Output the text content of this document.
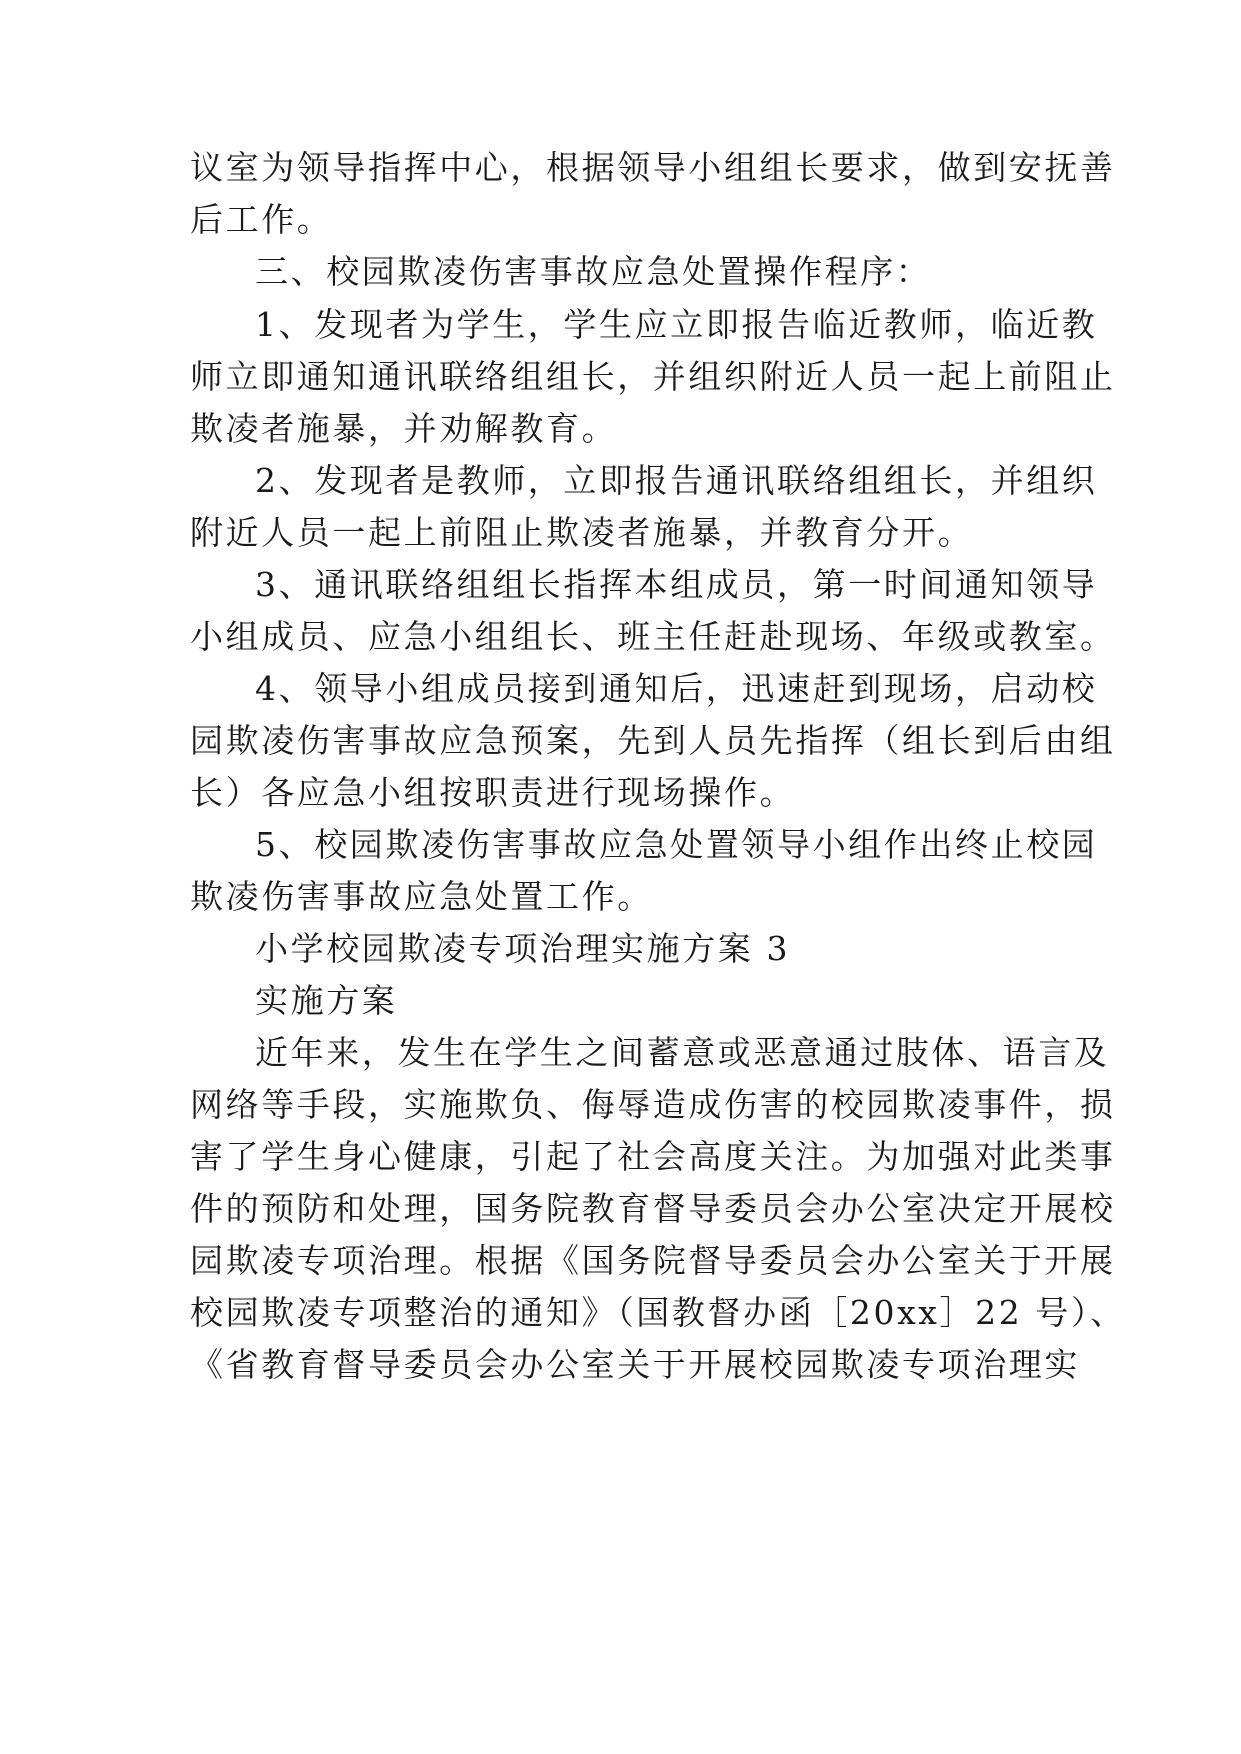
议室为领导指挥中心，根据领导小组组长要求，做到安抚善
后工作。
三、校园欺凌伤害事故应急处置操作程序：
1、发现者为学生，学生应立即报告临近教师，临近教
师立即通知通讯联络组组长，并组织附近人员一起上前阻止
欺凌者施暴，并劝解教育。
2、发现者是教师，立即报告通讯联络组组长，并组织
附近人员一起上前阻止欺凌者施暴，并教育分开。
3、通讯联络组组长指挥本组成员，第一时间通知领导
小组成员、应急小组组长、班主任赶赴现场、年级或教室。
4、领导小组成员接到通知后，迅速赶到现场，启动校
园欺凌伤害事故应急预案，先到人员先指挥（组长到后由组
长）各应急小组按职责进行现场操作。
5、校园欺凌伤害事故应急处置领导小组作出终止校园
欺凌伤害事故应急处置工作。
小学校园欺凌专项治理实施方案 3
实施方案
近年来，发生在学生之间蓄意或恶意通过肢体、语言及
网络等手段，实施欺负、侮辱造成伤害的校园欺凌事件，损
害了学生身心健康，引起了社会高度关注。为加强对此类事
件的预防和处理，国务院教育督导委员会办公室决定开展校
园欺凌专项治理。根据《国务院督导委员会办公室关于开展
校园欺凌专项整治的通知》（国教督办函［20xx］22 号）、
《省教育督导委员会办公室关于开展校园欺凌专项治理实
